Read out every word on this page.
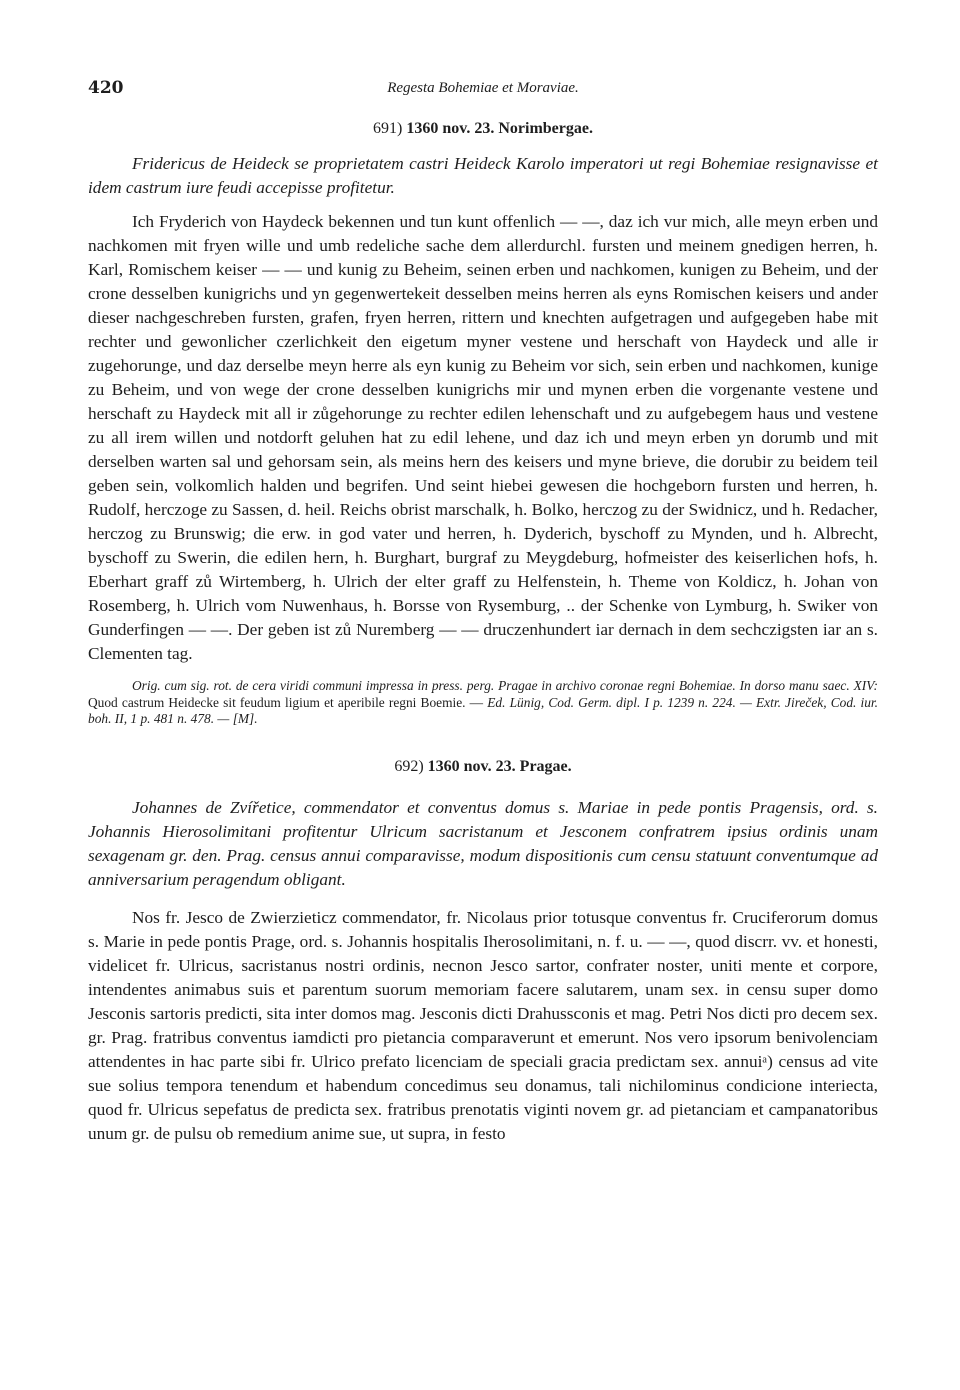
420	Regesta Bohemiae et Moraviae.
691) 1360 nov. 23. Norimbergae.

Fridericus de Heideck se proprietatem castri Heideck Karolo imperatori ut regi Bohemiae resignavisse et idem castrum iure feudi accepisse profitetur.

Ich Fryderich von Haydeck bekennen und tun kunt offenlich — —, daz ich vur mich, alle meyn erben und nachkomen mit fryen wille und umb redeliche sache dem allerdurchl. fursten und meinem gnedigen herren, h. Karl, Romischem keiser — — und kunig zu Beheim, seinen erben und nachkomen, kunigen zu Beheim, und der crone desselben kunigrichs und yn gegenwertekeit desselben meins herren als eyns Romischen keisers und ander dieser nachgeschreben fursten, grafen, fryen herren, rittern und knechten aufgetragen und aufgegeben habe mit rechter und gewonlicher czerlichkeit den eigetum myner vestene und herschaft von Haydeck und alle ir zugehorunge, und daz derselbe meyn herre als eyn kunig zu Beheim vor sich, sein erben und nachkomen, kunige zu Beheim, und von wege der crone desselben kunigrichs mir und mynen erben die vorgenante vestene und herschaft zu Haydeck mit all ir zůgehorunge zu rechter edilen lehenschaft und zu aufgebegem haus und vestene zu all irem willen und notdorft geluhen hat zu edil lehene, und daz ich und meyn erben yn dorumb und mit derselben warten sal und gehorsam sein, als meins hern des keisers und myne brieve, die dorubir zu beidem teil geben sein, volkomlich halden und begrifen. Und seint hiebei gewesen die hochgeborn fursten und herren, h. Rudolf, herczoge zu Sassen, d. heil. Reichs obrist marschalk, h. Bolko, herczog zu der Swidnicz, und h. Redacher, herczog zu Brunswig; die erw. in god vater und herren, h. Dyderich, byschoff zu Mynden, und h. Albrecht, byschoff zu Swerin, die edilen hern, h. Burghart, burgraf zu Meygdeburg, hofmeister des keiserlichen hofs, h. Eberhart graff zů Wirtemberg, h. Ulrich der elter graff zu Helfenstein, h. Theme von Koldicz, h. Johan von Rosemberg, h. Ulrich vom Nuwenhaus, h. Borsse von Rysemburg, .. der Schenke von Lymburg, h. Swiker von Gunderfingen — —. Der geben ist zů Nuremberg — — druczenhundert iar dernach in dem sechczigsten iar an s. Clementen tag.

Orig. cum sig. rot. de cera viridi communi impressa in press. perg. Pragae in archivo coronae regni Bohemiae. In dorso manu saec. XIV: Quod castrum Heidecke sit feudum ligium et aperibile regni Boemie. — Ed. Lünig, Cod. Germ. dipl. I p. 1239 n. 224. — Extr. Jireček, Cod. iur. boh. II, 1 p. 481 n. 478. — [M].

692) 1360 nov. 23. Pragae.

Johannes de Zvířetice, commendator et conventus domus s. Mariae in pede pontis Pragensis, ord. s. Johannis Hierosolimitani profitentur Ulricum sacristanum et Jesconem confratrem ipsius ordinis unam sexagenam gr. den. Prag. census annui comparavisse, modum dispositionis cum censu statuunt conventumque ad anniversarium peragendum obligant.

Nos fr. Jesco de Zwierzieticz commendator, fr. Nicolaus prior totusque conventus fr. Cruciferorum domus s. Marie in pede pontis Prage, ord. s. Johannis hospitalis Iherosolimitani, n. f. u. — —, quod discrr. vv. et honesti, videlicet fr. Ulricus, sacristanus nostri ordinis, necnon Jesco sartor, confrater noster, uniti mente et corpore, intendentes animabus suis et parentum suorum memoriam facere salutarem, unam sex. in censu super domo Jesconis sartoris predicti, sita inter domos mag. Jesconis dicti Drahussconis et mag. Petri Nos dicti pro decem sex. gr. Prag. fratribus conventus iamdicti pro pietancia comparaverunt et emerunt. Nos vero ipsorum benivolenciam attendentes in hac parte sibi fr. Ulrico prefato licenciam de speciali gracia predictam sex. annuiᵃ) census ad vite sue solius tempora tenendum et habendum concedimus seu donamus, tali nichilominus condicione interiecta, quod fr. Ulricus sepefatus de predicta sex. fratribus prenotatis viginti novem gr. ad pietanciam et campanatoribus unum gr. de pulsu ob remedium anime sue, ut supra, in festo
